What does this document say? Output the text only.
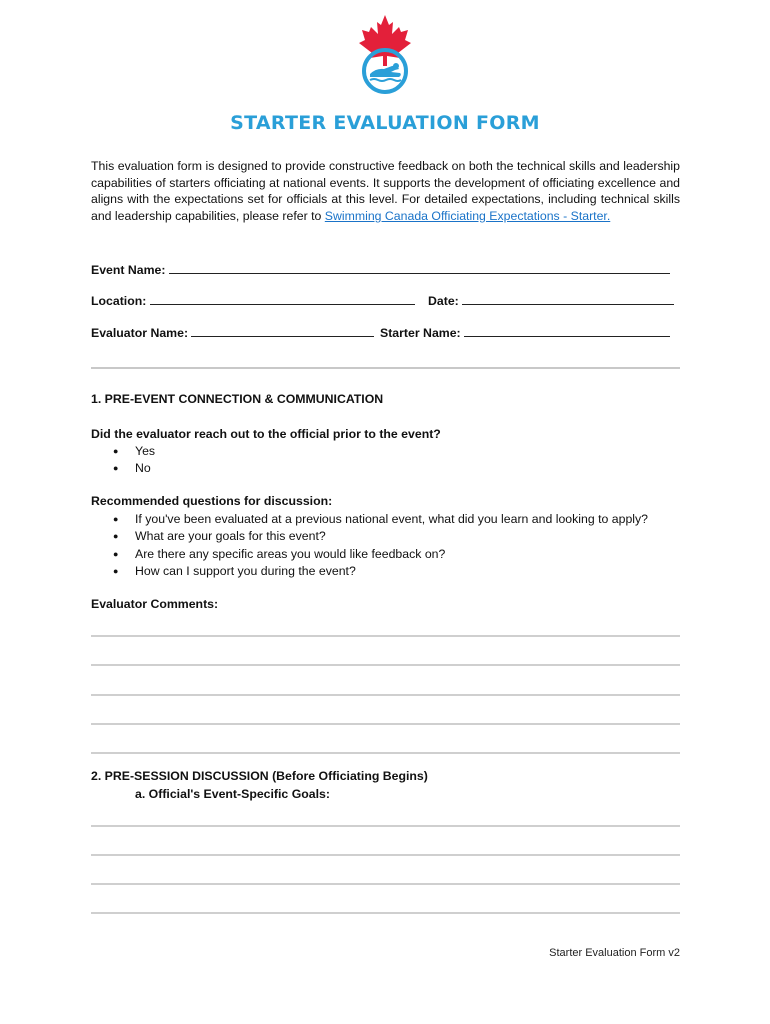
STARTER EVALUATION FORM
This evaluation form is designed to provide constructive feedback on both the technical skills and leadership capabilities of starters officiating at national events. It supports the development of officiating excellence and aligns with the expectations set for officials at this level. For detailed expectations, including technical skills and leadership capabilities, please refer to Swimming Canada Officiating Expectations - Starter.
Event Name:
Location:	Date:
Evaluator Name:	Starter Name:
1. PRE-EVENT CONNECTION & COMMUNICATION
Did the evaluator reach out to the official prior to the event?
● Yes
● No
Recommended questions for discussion:
● If you've been evaluated at a previous national event, what did you learn and looking to apply?
● What are your goals for this event?
● Are there any specific areas you would like feedback on?
● How can I support you during the event?
Evaluator Comments:
2. PRE-SESSION DISCUSSION (Before Officiating Begins)
a. Official's Event-Specific Goals:
Starter Evaluation Form v2
